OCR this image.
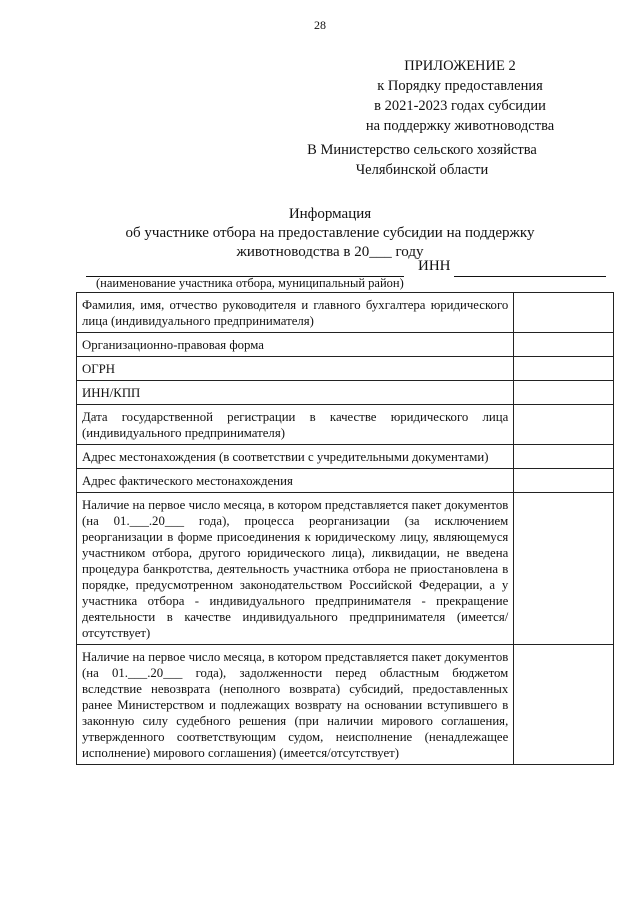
28
ПРИЛОЖЕНИЕ 2
к Порядку предоставления
в 2021-2023 годах субсидии
на поддержку животноводства
В Министерство сельского хозяйства
Челябинской области
Информация
об участнике отбора на предоставление субсидии на поддержку
животноводства в 20___ году
ИНН
(наименование участника отбора, муниципальный район)
Фамилия, имя, отчество руководителя и главного бухгалтера юридического лица (индивидуального предпринимателя)	
Организационно-правовая форма	
ОГРН	
ИНН/КПП	
Дата государственной регистрации в качестве юридического лица (индивидуального предпринимателя)	
Адрес местонахождения (в соответствии с учредительными документами)	
Адрес фактического местонахождения	
Наличие на первое число месяца, в котором представляется пакет документов (на 01.___.20___ года), процесса реорганизации (за исключением реорганизации в форме присоединения к юридическому лицу, являющемуся участником отбора, другого юридического лица), ликвидации, не введена процедура банкротства, деятельность участника отбора не приостановлена в порядке, предусмотренном законодательством Российской Федерации, а у участника отбора - индивидуального предпринимателя - прекращение деятельности в качестве индивидуального предпринимателя (имеется/отсутствует)	
Наличие на первое число месяца, в котором представляется пакет документов (на 01.___.20___ года), задолженности перед областным бюджетом вследствие невозврата (неполного возврата) субсидий, предоставленных ранее Министерством и подлежащих возврату на основании вступившего в законную силу судебного решения (при наличии мирового соглашения, утвержденного соответствующим судом, неисполнение (ненадлежащее исполнение) мирового соглашения) (имеется/отсутствует)	
